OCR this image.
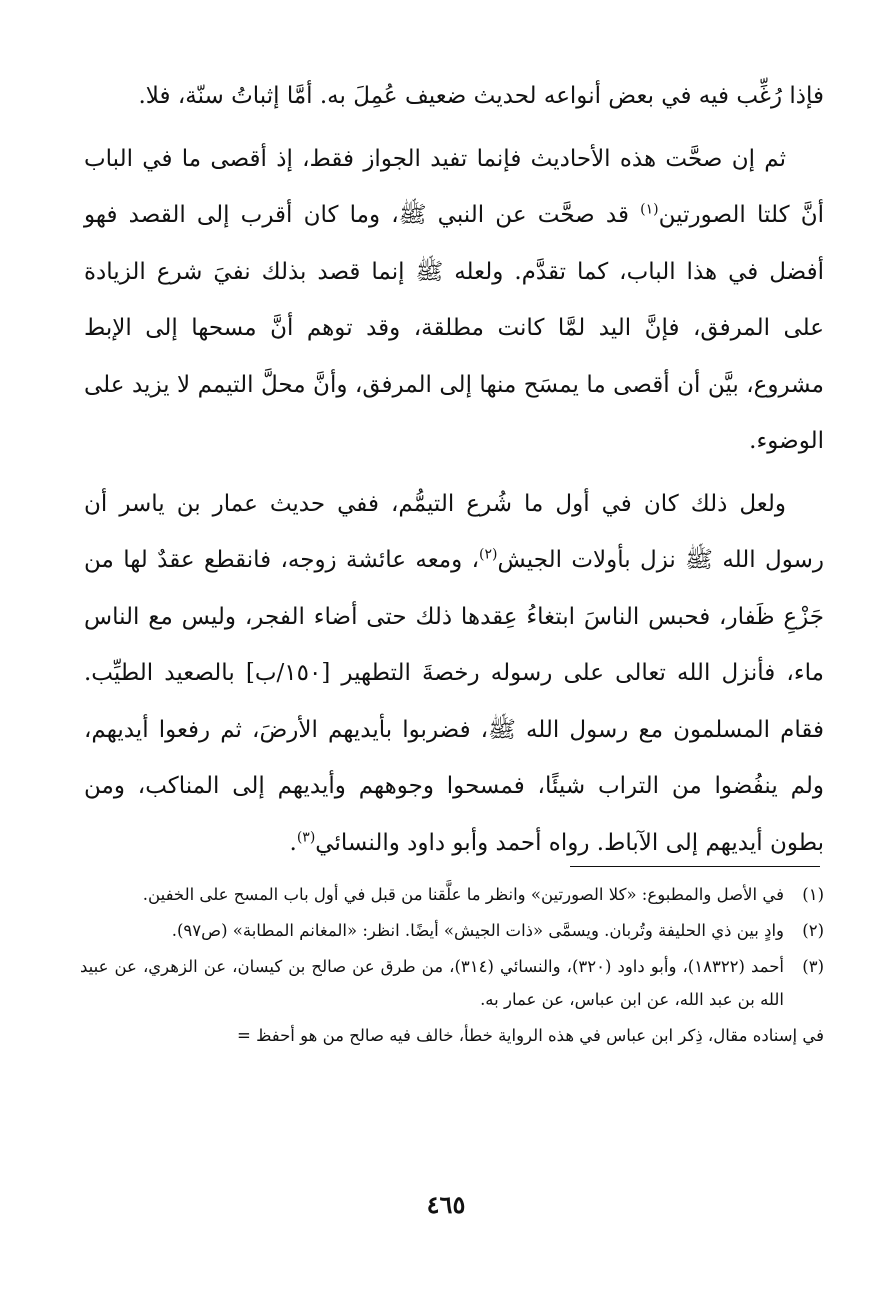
فإذا رُغِّب فيه في بعض أنواعه لحديث ضعيف عُمِلَ به. أمَّا إثباتُ سنّة، فلا.

ثم إن صحَّت هذه الأحاديث فإنما تفيد الجواز فقط، إذ أقصى ما في الباب أنَّ كلتا الصورتين$^{(١)}$ قد صحَّت عن النبي ﷺ، وما كان أقرب إلى القصد فهو أفضل في هذا الباب، كما تقدَّم. ولعله ﷺ إنما قصد بذلك نفيَ شرع الزيادة على المرفق، فإنَّ اليد لمَّا كانت مطلقة، وقد توهم أنَّ مسحها إلى الإبط مشروع، بيَّن أن أقصى ما يمسَح منها إلى المرفق، وأنَّ محلَّ التيمم لا يزيد على الوضوء.

ولعل ذلك كان في أول ما شُرع التيمُّم، ففي حديث عمار بن ياسر أن رسول الله ﷺ نزل بأولات الجيش$^{(٢)}$، ومعه عائشة زوجه، فانقطع عقدٌ لها من جَزْعِ ظَفار، فحبس الناسَ ابتغاءُ عِقدها ذلك حتى أضاء الفجر، وليس مع الناس ماء، فأنزل الله تعالى على رسوله رخصةَ التطهير [١٥٠/ب] بالصعيد الطيِّب. فقام المسلمون مع رسول الله ﷺ، فضربوا بأيديهم الأرضَ، ثم رفعوا أيديهم، ولم ينفُضوا من التراب شيئًا، فمسحوا وجوههم وأيديهم إلى المناكب، ومن بطون أيديهم إلى الآباط. رواه أحمد وأبو داود والنسائي$^{(٣)}$.

(١)
في الأصل والمطبوع: «كلا الصورتين» وانظر ما علَّقنا من قبل في أول باب المسح على الخفين.
(٢)
وادٍ بين ذي الحليفة وتُربان. ويسمَّى «ذات الجيش» أيضًا. انظر: «المغانم المطابة» (ص٩٧).
(٣)
أحمد (١٨٣٢٢)، وأبو داود (٣٢٠)، والنسائي (٣١٤)، من طرق عن صالح بن كيسان، عن الزهري، عن عبيد الله بن عبد الله، عن ابن عباس، عن عمار به.

في إسناده مقال، ذِكر ابن عباس في هذه الرواية خطأ، خالف فيه صالح من هو أحفظ =

٤٦٥
